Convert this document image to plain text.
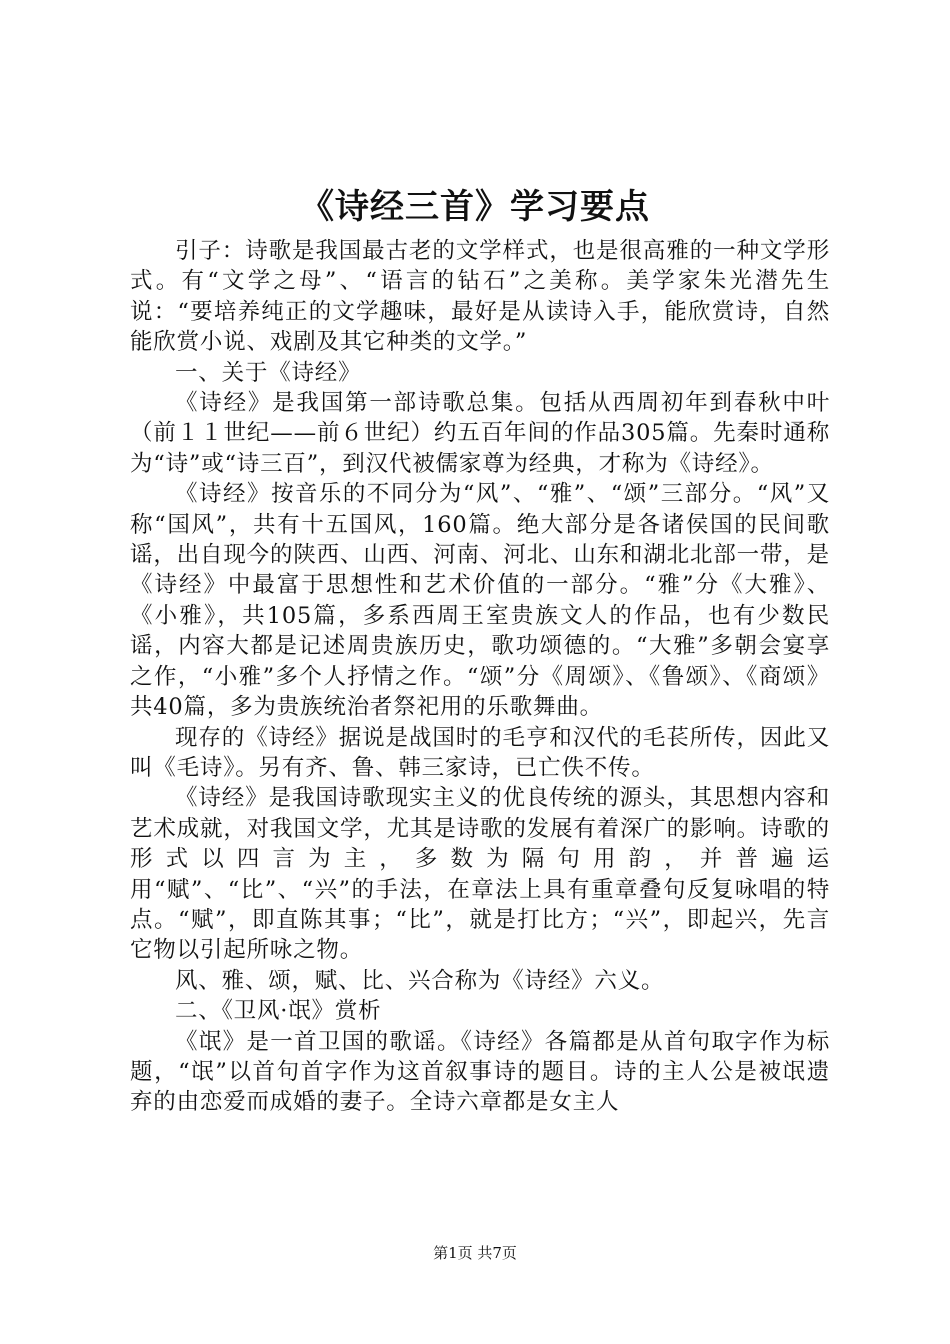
《诗经三首》学习要点

引子：诗歌是我国最古老的文学样式，也是很高雅的一种文学形式。有“文学之母”、“语言的钻石”之美称。美学家朱光潜先生说：“要培养纯正的文学趣味，最好是从读诗入手，能欣赏诗，自然能欣赏小说、戏剧及其它种类的文学。”

一、关于《诗经》

《诗经》是我国第一部诗歌总集。包括从西周初年到春秋中叶（前１１世纪——前６世纪）约五百年间的作品305篇。先秦时通称为“诗”或“诗三百”，到汉代被儒家尊为经典，才称为《诗经》。

《诗经》按音乐的不同分为“风”、“雅”、“颂”三部分。“风”又称“国风”，共有十五国风，160篇。绝大部分是各诸侯国的民间歌谣，出自现今的陕西、山西、河南、河北、山东和湖北北部一带，是《诗经》中最富于思想性和艺术价值的一部分。“雅”分《大雅》、《小雅》，共105篇，多系西周王室贵族文人的作品，也有少数民谣，内容大都是记述周贵族历史，歌功颂德的。“大雅”多朝会宴享之作，“小雅”多个人抒情之作。“颂”分《周颂》、《鲁颂》、《商颂》共40篇，多为贵族统治者祭祀用的乐歌舞曲。

现存的《诗经》据说是战国时的毛亨和汉代的毛苌所传，因此又叫《毛诗》。另有齐、鲁、韩三家诗，已亡佚不传。

《诗经》是我国诗歌现实主义的优良传统的源头，其思想内容和艺术成就，对我国文学，尤其是诗歌的发展有着深广的影响。诗歌的形式以四言为主，多数为隔句用韵，并普遍运用“赋”、“比”、“兴”的手法，在章法上具有重章叠句反复咏唱的特点。“赋”，即直陈其事；“比”，就是打比方；“兴”，即起兴，先言它物以引起所咏之物。

风、雅、颂，赋、比、兴合称为《诗经》六义。

二、《卫风·氓》赏析

《氓》是一首卫国的歌谣。《诗经》各篇都是从首句取字作为标题，“氓”以首句首字作为这首叙事诗的题目。诗的主人公是被氓遗弃的由恋爱而成婚的妻子。全诗六章都是女主人

第1页 共7页
